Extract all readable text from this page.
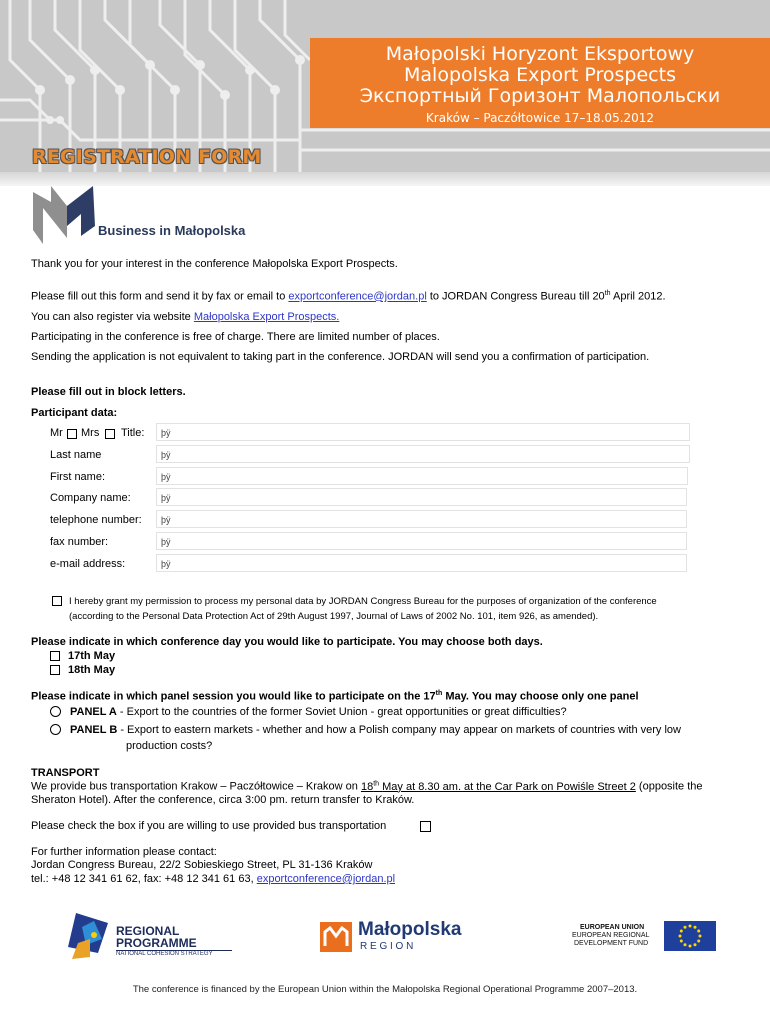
Małopolski Horyzont Eksportowy
Malopolska Export Prospects
Экспортный Горизонт Малопольски
Kraków – Paczółtowice 17–18.05.2012
REGISTRATION FORM
Business in Małopolska
Thank you for your interest in the conference Małopolska Export Prospects.
Please fill out this form and send it by fax or email to exportconference@jordan.pl to JORDAN Congress Bureau till 20th April 2012.
You can also register via website Małopolska Export Prospects.
Participating in the conference is free of charge. There are limited number of places.
Sending the application is not equivalent to taking part in the conference. JORDAN will send you a confirmation of participation.
Please fill out in block letters.
Participant data:
Mr Mrs Title:	þÿ
Last name	þÿ
First name:	þÿ
Company name:	þÿ
telephone number:	þÿ
fax number:	þÿ
e-mail address:	þÿ
I hereby grant my permission to process my personal data by JORDAN Congress Bureau for the purposes of organization of the conference
(according to the Personal Data Protection Act of 29th August 1997, Journal of Laws of 2002 No. 101, item 926, as amended).
Please indicate in which conference day you would like to participate. You may choose both days.
17th May
18th May
Please indicate in which panel session you would like to participate on the 17th May. You may choose only one panel
PANEL A - Export to the countries of the former Soviet Union - great opportunities or great difficulties?
PANEL B - Export to eastern markets - whether and how a Polish company may appear on markets of countries with very low
production costs?
TRANSPORT
We provide bus transportation Krakow – Paczółtowice – Krakow on 18th May at 8.30 am. at the Car Park on Powiśle Street 2 (opposite the
Sheraton Hotel). After the conference, circa 3:00 pm. return transfer to Kraków.
Please check the box if you are willing to use provided bus transportation
For further information please contact:
Jordan Congress Bureau, 22/2 Sobieskiego Street, PL 31-136 Kraków
tel.: +48 12 341 61 62, fax: +48 12 341 61 63, exportconference@jordan.pl
REGIONAL
PROGRAMME
NATIONAL COHESION STRATEGY
Małopolska
R E G I O N
EUROPEAN UNION
EUROPEAN REGIONAL
DEVELOPMENT FUND
The conference is financed by the European Union within the Małopolska Regional Operational Programme 2007–2013.
